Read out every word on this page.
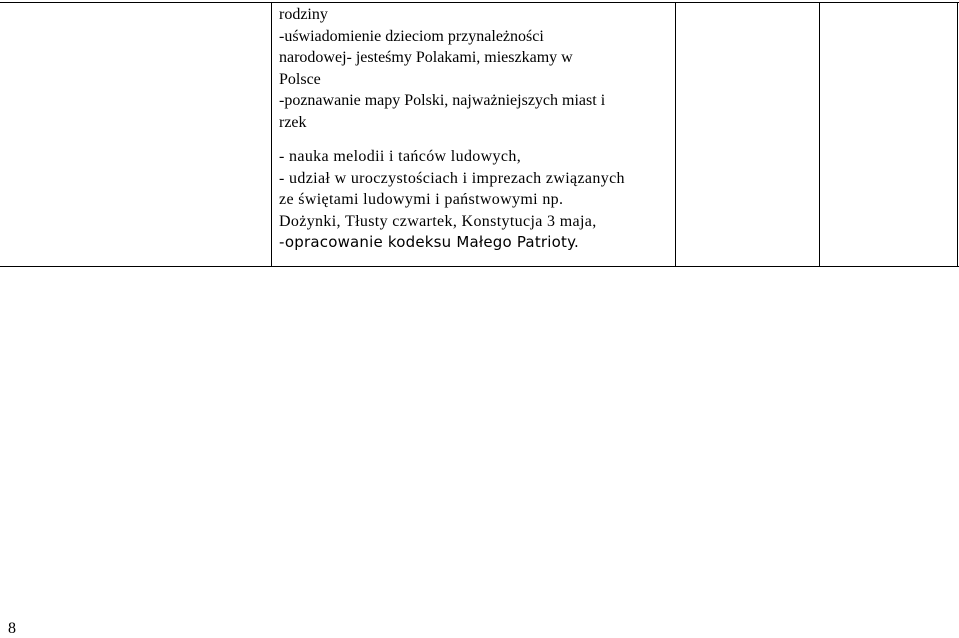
rodziny
-uświadomienie dzieciom przynależności
narodowej- jesteśmy Polakami, mieszkamy w
Polsce
-poznawanie mapy Polski, najważniejszych miast i
rzek
- nauka melodii i tańców ludowych,
- udział w uroczystościach i imprezach związanych
ze świętami ludowymi i państwowymi np.
Dożynki, Tłusty czwartek, Konstytucja 3 maja,
-opracowanie kodeksu Małego Patrioty.
8
